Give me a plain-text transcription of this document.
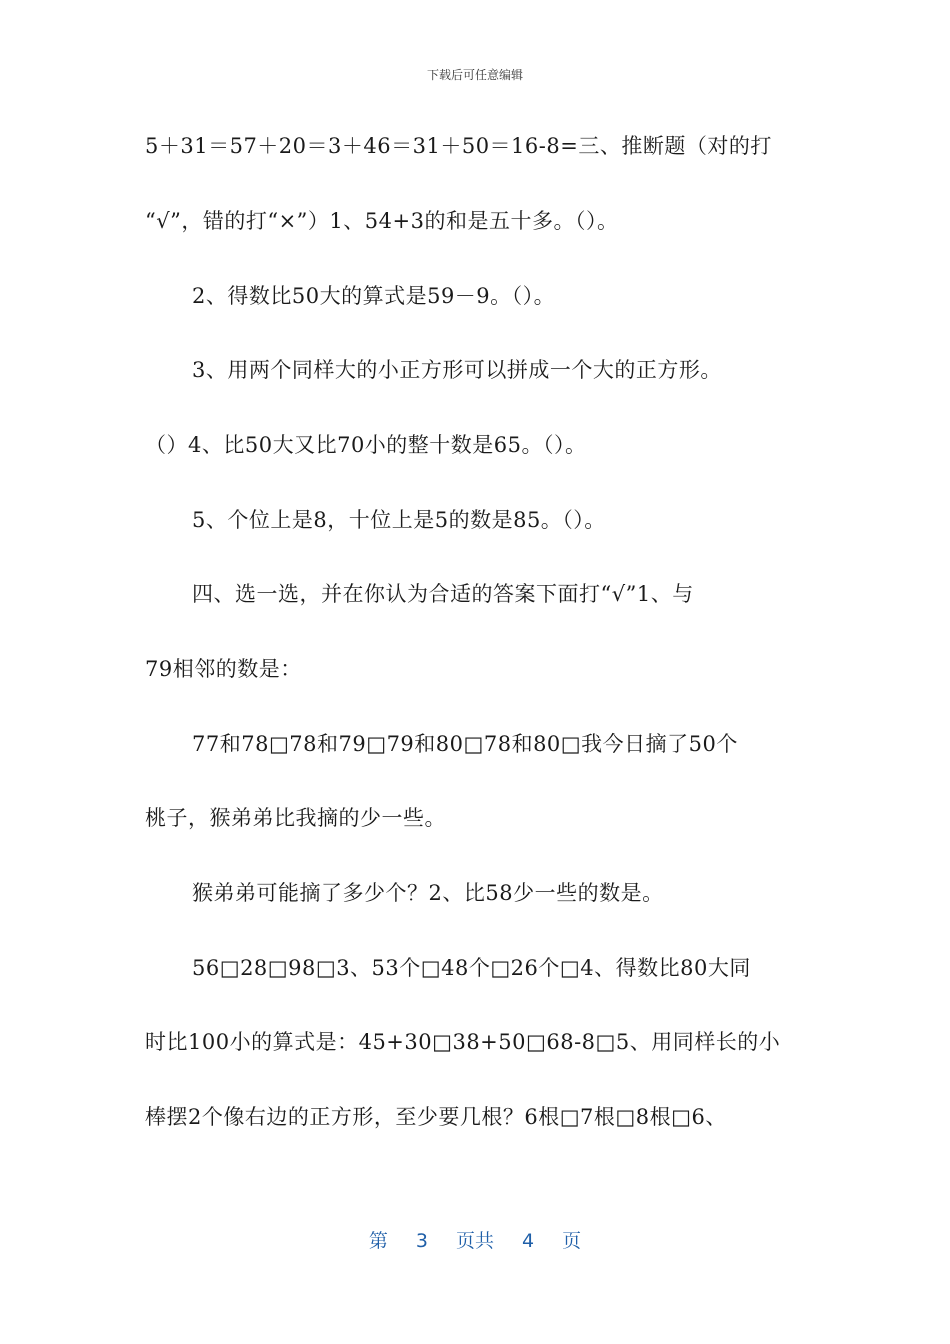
下载后可任意编辑
5＋31＝57＋20＝3＋46＝31＋50＝16-8=三、推断题（对的打
“√”，错的打“×”）1、54+3的和是五十多。（）。
2、得数比50大的算式是59－9。（）。
3、用两个同样大的小正方形可以拼成一个大的正方形。
（）4、比50大又比70小的整十数是65。（）。
5、个位上是8，十位上是5的数是85。（）。
四、选一选，并在你认为合适的答案下面打“√”1、与
79相邻的数是：
77和78□78和79□79和80□78和80□我今日摘了50个
桃子，猴弟弟比我摘的少一些。
猴弟弟可能摘了多少个？2、比58少一些的数是。
56□28□98□3、53个□48个□26个□4、得数比80大同
时比100小的算式是：45+30□38+50□68-8□5、用同样长的小
棒摆2个像右边的正方形，至少要几根？6根□7根□8根□6、
第 3 页共 4 页
